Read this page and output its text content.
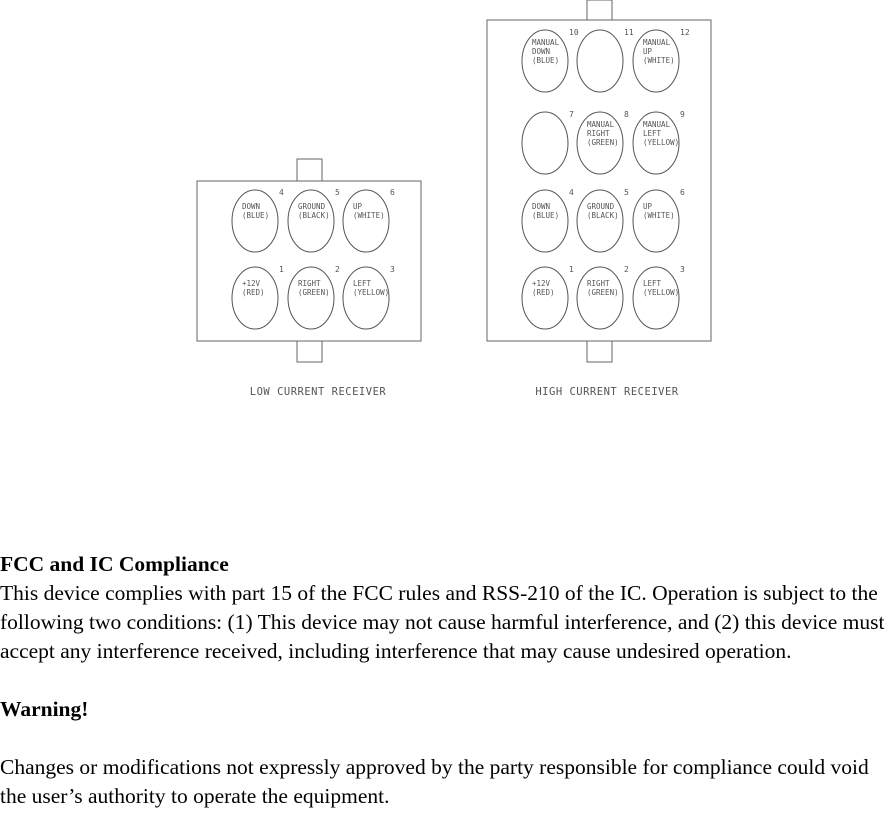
4
DOWN
(BLUE)
5
GROUND
(BLACK)
6
UP
(WHITE)
1
+12V
(RED)
2
RIGHT
(GREEN)
3
LEFT
(YELLOW)
LOW CURRENT RECEIVER
10
MANUAL
DOWN
(BLUE)
11	12
MANUAL
UP
(WHITE)
7	8
MANUAL
RIGHT
(GREEN)
9
MANUAL
LEFT
(YELLOW)
4
DOWN
(BLUE)
5
GROUND
(BLACK)
6
UP
(WHITE)
1
+12V
(RED)
2
RIGHT
(GREEN)
3
LEFT
(YELLOW)
HIGH CURRENT RECEIVER

FCC and IC Compliance

This device complies with part 15 of the FCC rules and RSS-210 of the IC. Operation is subject to the following two conditions: (1) This device may not cause harmful interference, and (2) this device must accept any interference received, including interference that may cause undesired operation.

Warning!

Changes or modifications not expressly approved by the party responsible for compliance could void the user’s authority to operate the equipment.
